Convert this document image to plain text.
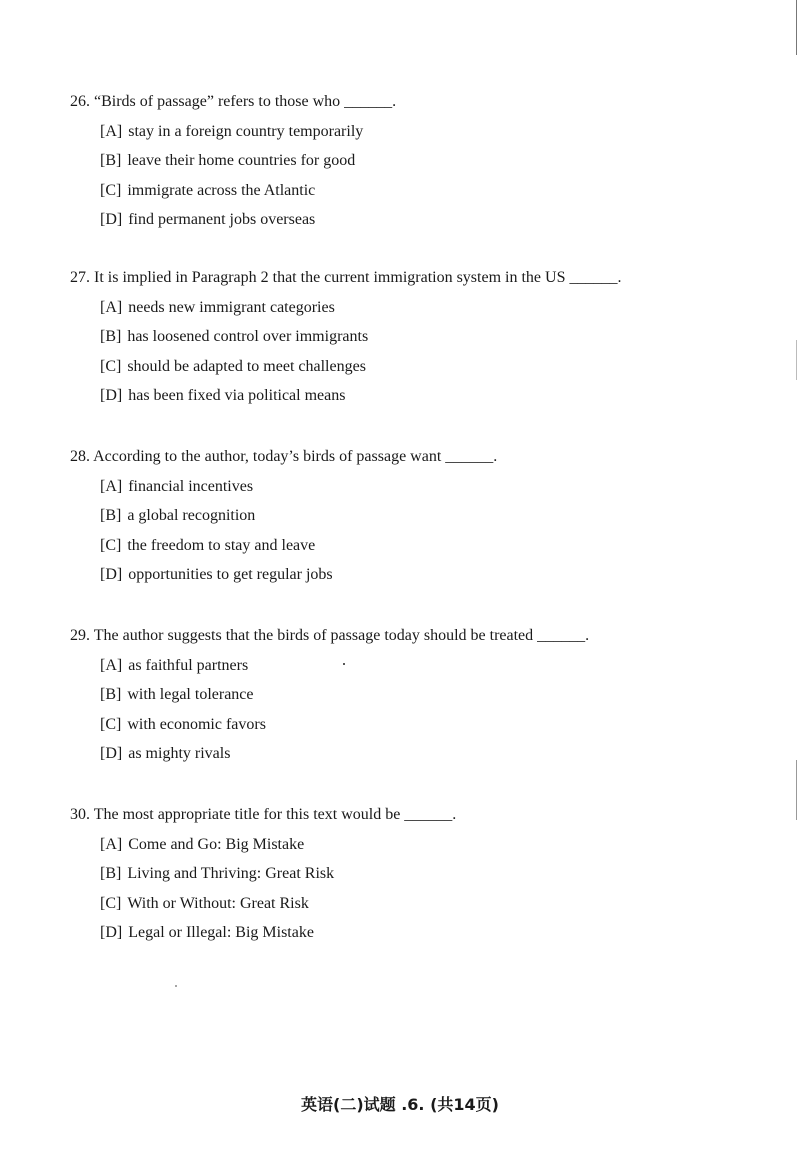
26. “Birds of passage” refers to those who ______.
[A] stay in a foreign country temporarily
[B] leave their home countries for good
[C] immigrate across the Atlantic
[D] find permanent jobs overseas
27. It is implied in Paragraph 2 that the current immigration system in the US ______.
[A] needs new immigrant categories
[B] has loosened control over immigrants
[C] should be adapted to meet challenges
[D] has been fixed via political means
28. According to the author, today’s birds of passage want ______.
[A] financial incentives
[B] a global recognition
[C] the freedom to stay and leave
[D] opportunities to get regular jobs
29. The author suggests that the birds of passage today should be treated ______.
[A] as faithful partners
[B] with legal tolerance
[C] with economic favors
[D] as mighty rivals
30. The most appropriate title for this text would be ______.
[A] Come and Go: Big Mistake
[B] Living and Thriving: Great Risk
[C] With or Without: Great Risk
[D] Legal or Illegal: Big Mistake
英语(二)试题 .6. (共14页)
